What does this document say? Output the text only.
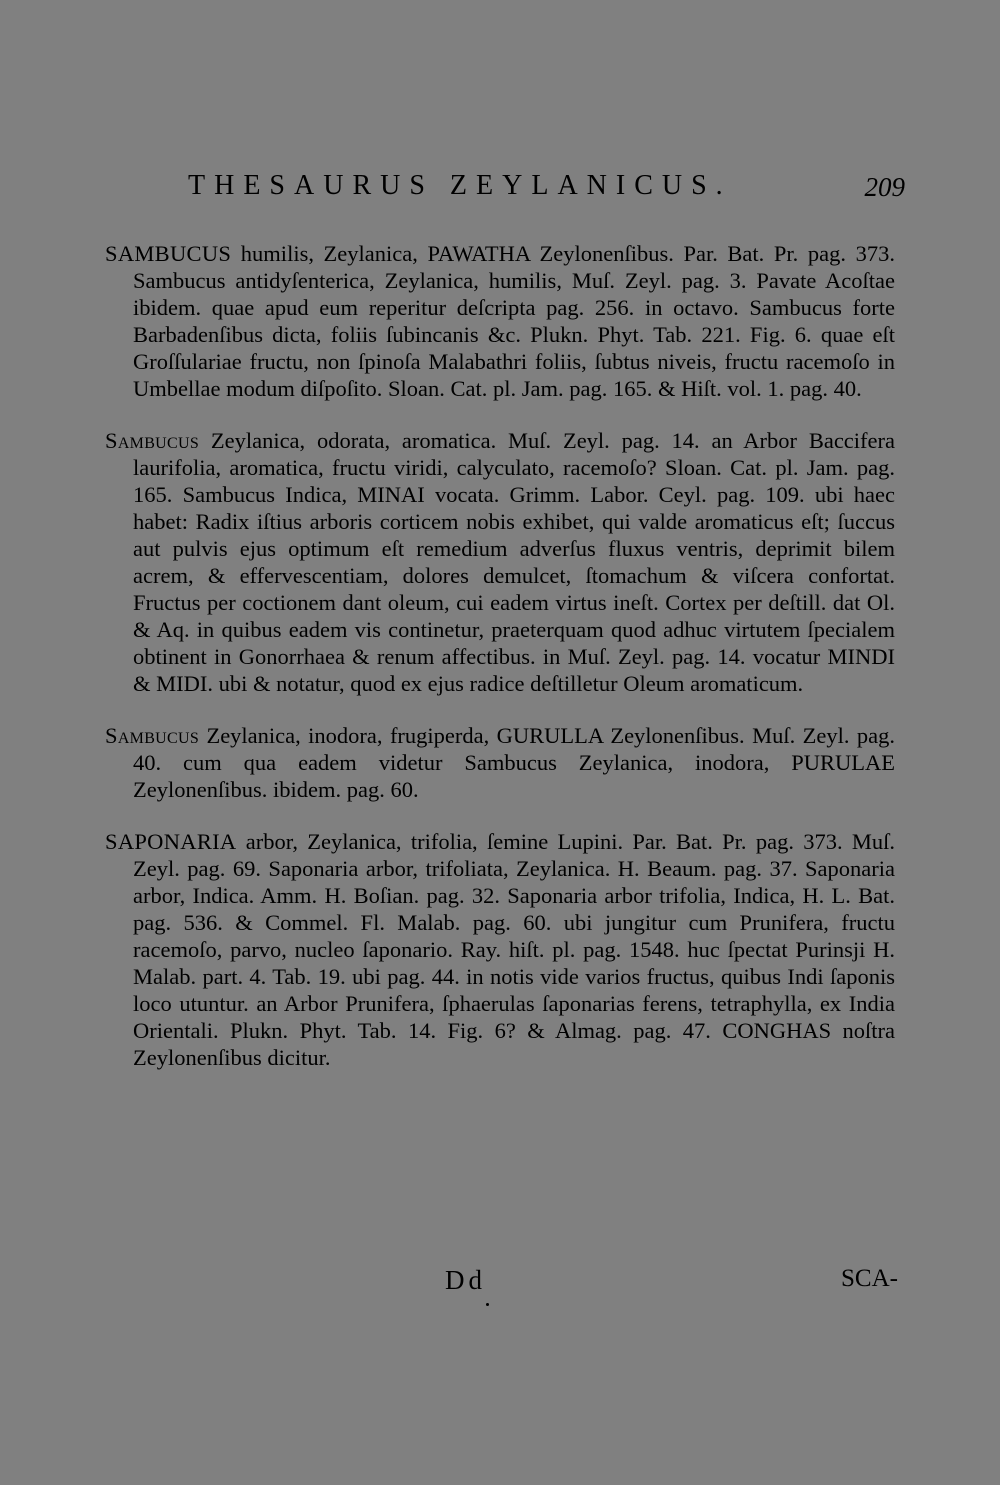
THESAURUS ZEYLANICUS.	209

SAMBUCUS humilis, Zeylanica, PAWATHA Zeylonenſibus. Par. Bat. Pr. pag. 373. Sambucus antidyſenterica, Zeylanica, humilis, Muſ. Zeyl. pag. 3. Pavate Acoſtae ibidem. quae apud eum reperitur deſcripta pag. 256. in octavo. Sambucus forte Barbadenſibus dicta, foliis ſubincanis &c. Plukn. Phyt. Tab. 221. Fig. 6. quae eſt Groſſulariae fructu, non ſpinoſa Malabathri foliis, ſubtus niveis, fructu racemoſo in Umbellae modum diſpoſito. Sloan. Cat. pl. Jam. pag. 165. & Hiſt. vol. 1. pag. 40.

Sambucus Zeylanica, odorata, aromatica. Muſ. Zeyl. pag. 14. an Arbor Baccifera laurifolia, aromatica, fructu viridi, calyculato, racemoſo? Sloan. Cat. pl. Jam. pag. 165. Sambucus Indica, MINAI vocata. Grimm. Labor. Ceyl. pag. 109. ubi haec habet: Radix iſtius arboris corticem nobis exhibet, qui valde aromaticus eſt; ſuccus aut pulvis ejus optimum eſt remedium adverſus fluxus ventris, deprimit bilem acrem, & effervescentiam, dolores demulcet, ſtomachum & viſcera confortat. Fructus per coctionem dant oleum, cui eadem virtus ineſt. Cortex per deſtill. dat Ol. & Aq. in quibus eadem vis continetur, praeterquam quod adhuc virtutem ſpecialem obtinent in Gonorrhaea & renum affectibus. in Muſ. Zeyl. pag. 14. vocatur MINDI & MIDI. ubi & notatur, quod ex ejus radice deſtilletur Oleum aromaticum.

Sambucus Zeylanica, inodora, frugiperda, GURULLA Zeylonenſibus. Muſ. Zeyl. pag. 40. cum qua eadem videtur Sambucus Zeylanica, inodora, PURULAE Zeylonenſibus. ibidem. pag. 60.

SAPONARIA arbor, Zeylanica, trifolia, ſemine Lupini. Par. Bat. Pr. pag. 373. Muſ. Zeyl. pag. 69. Saponaria arbor, trifoliata, Zeylanica. H. Beaum. pag. 37. Saponaria arbor, Indica. Amm. H. Boſian. pag. 32. Saponaria arbor trifolia, Indica, H. L. Bat. pag. 536. & Commel. Fl. Malab. pag. 60. ubi jungitur cum Prunifera, fructu racemoſo, parvo, nucleo ſaponario. Ray. hiſt. pl. pag. 1548. huc ſpectat Purinsji H. Malab. part. 4. Tab. 19. ubi pag. 44. in notis vide varios fructus, quibus Indi ſaponis loco utuntur. an Arbor Prunifera, ſphaerulas ſaponarias ferens, tetraphylla, ex India Orientali. Plukn. Phyt. Tab. 14. Fig. 6? & Almag. pag. 47. CONGHAS noſtra Zeylonenſibus dicitur.

Dd	SCA-
